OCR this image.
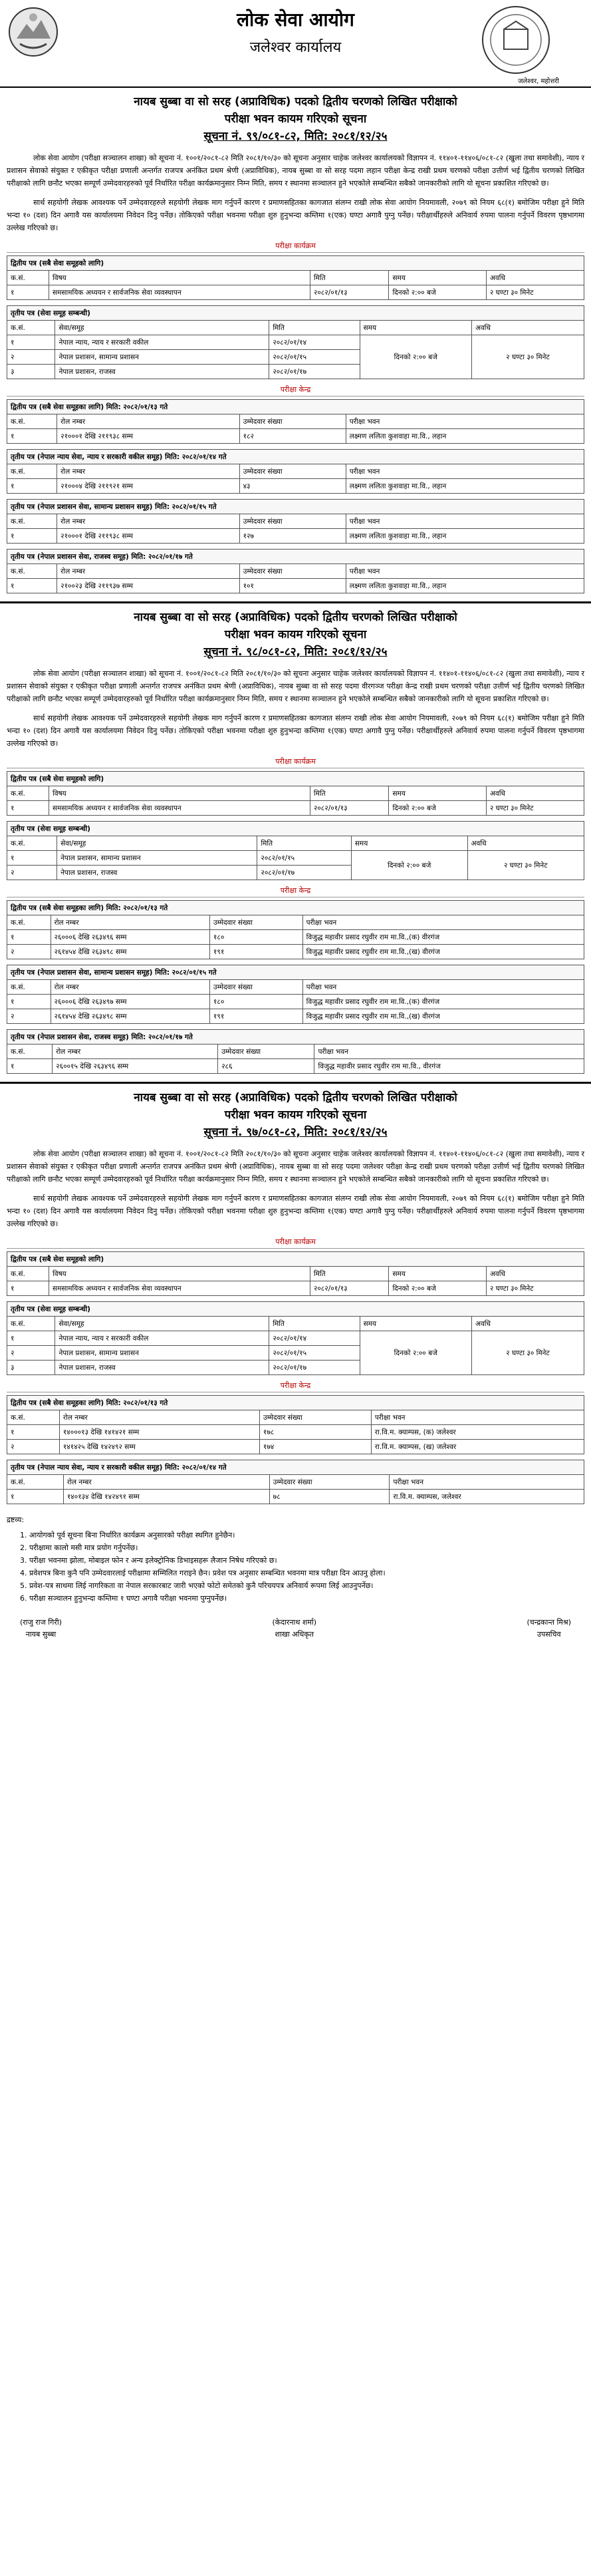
लोक सेवा आयोग
जलेश्वर कार्यालय
जलेश्वर, महोत्तरी
नायब सुब्बा वा सो सरह (अप्राविधिक) पदको द्वितीय चरणको लिखित परीक्षाको
परीक्षा भवन कायम गरिएको सूचना
सूचना नं. ९९/०८१-८२, मिति: २०८१/१२/२५

लोक सेवा आयोग (परीक्षा सञ्चालन शाखा) को सूचना नं. १००१/२०८१-८२ मिति २०८१/१०/३० को सूचना अनुसार चाहेक जलेश्वर कार्यालयको विज्ञापन नं. ११४०१-११४०६/०८१-८२ (खुला तथा समावेशी), न्याय र प्रशासन सेवाको संयुक्त र एकीकृत परीक्षा प्रणाली अन्तर्गत राजपत्र अनंकित प्रथम श्रेणी (अप्राविधिक), नायब सुब्बा वा सो सरह पदमा लहान परीक्षा केन्द्र राखी प्रथम चरणको परीक्षा उत्तीर्ण भई द्वितीय चरणको लिखित परीक्षाको लागि छनौट भएका सम्पूर्ण उम्मेदवारहरुको पूर्व निर्धारित परीक्षा कार्यक्रमानुसार निम्न मिति, समय र स्थानमा सञ्चालन हुने भएकोले सम्बन्धित सबैको जानकारीको लागि यो सूचना प्रकाशित गरिएको छ।

सार्थ सहयोगी लेखक आवश्यक पर्ने उम्मेदवारहरुले सहयोगी लेखक माग गर्नुपर्ने कारण र प्रमाणसहितका कागजात संलग्न राखी लोक सेवा आयोग नियमावली, २०७९ को नियम ६८(१) बमोजिम परीक्षा हुने मिति भन्दा १० (दश) दिन अगावै यस कार्यालयमा निवेदन दिनु पर्नेछ। तोकिएको परीक्षा भवनमा परीक्षा शुरु हुनुभन्दा कम्तिमा १(एक) घण्टा अगावै पुग्नु पर्नेछ। परीक्षार्थीहरुले अनिवार्य रुपमा पालना गर्नुपर्ने विवरण पृष्ठभागमा उल्लेख गरिएको छ।

परीक्षा कार्यक्रम
द्वितीय पत्र (सबै सेवा समूहको लागि)				
क.सं.	विषय	मिति	समय	अवधि
१	समसामयिक अध्ययन र सार्वजनिक सेवा व्यवस्थापन	२०८२/०१/१३	दिनको २:०० बजे	२ घण्टा ३० मिनेट
तृतीय पत्र (सेवा समूह सम्बन्धी)				
क.सं.	सेवा/समूह	मिति	समय	अवधि
१	नेपाल न्याय, न्याय र सरकारी वकील	२०८२/०१/१४	दिनको २:०० बजे	२ घण्टा ३० मिनेट
२	नेपाल प्रशासन, सामान्य प्रशासन	२०८२/०१/१५		
३	नेपाल प्रशासन, राजस्व	२०८२/०१/१७		
परीक्षा केन्द्र
द्वितीय पत्र (सबै सेवा समूहका लागि) मिति: २०८२/०१/१३ गते			
क.सं.	रोल नम्बर	उम्मेदवार संख्या	परीक्षा भवन
१	२१०००१ देखि २११९३८ सम्म	१८२	लक्ष्मण ललिता कुशवाहा मा.वि., लहान
तृतीय पत्र (नेपाल न्याय सेवा, न्याय र सरकारी वकील समूह) मिति: २०८२/०१/१४ गते			
क.सं.	रोल नम्बर	उम्मेदवार संख्या	परीक्षा भवन
१	२१०००४ देखि २११९२१ सम्म	४३	लक्ष्मण ललिता कुशवाहा मा.वि., लहान
तृतीय पत्र (नेपाल प्रशासन सेवा, सामान्य प्रशासन समूह) मिति: २०८२/०१/१५ गते			
क.सं.	रोल नम्बर	उम्मेदवार संख्या	परीक्षा भवन
१	२१०००१ देखि २११९३८ सम्म	१२७	लक्ष्मण ललिता कुशवाहा मा.वि., लहान
तृतीय पत्र (नेपाल प्रशासन सेवा, राजस्व समूह) मिति: २०८२/०१/१७ गते			
क.सं.	रोल नम्बर	उम्मेदवार संख्या	परीक्षा भवन
१	२१००२३ देखि २११९३७ सम्म	१०१	लक्ष्मण ललिता कुशवाहा मा.वि., लहान
नायब सुब्बा वा सो सरह (अप्राविधिक) पदको द्वितीय चरणको लिखित परीक्षाको
परीक्षा भवन कायम गरिएको सूचना
सूचना नं. ९८/०८१-८२, मिति: २०८१/१२/२५

लोक सेवा आयोग (परीक्षा सञ्चालन शाखा) को सूचना नं. १००१/२०८१-८२ मिति २०८१/१०/३० को सूचना अनुसार चाहेक जलेश्वर कार्यालयको विज्ञापन नं. ११४०१-११४०६/०८१-८२ (खुला तथा समावेशी), न्याय र प्रशासन सेवाको संयुक्त र एकीकृत परीक्षा प्रणाली अन्तर्गत राजपत्र अनंकित प्रथम श्रेणी (अप्राविधिक), नायब सुब्बा वा सो सरह पदमा वीरगञ्ज परीक्षा केन्द्र राखी प्रथम चरणको परीक्षा उत्तीर्ण भई द्वितीय चरणको लिखित परीक्षाको लागि छनौट भएका सम्पूर्ण उम्मेदवारहरुको पूर्व निर्धारित परीक्षा कार्यक्रमानुसार निम्न मिति, समय र स्थानमा सञ्चालन हुने भएकोले सम्बन्धित सबैको जानकारीको लागि यो सूचना प्रकाशित गरिएको छ।

सार्थ सहयोगी लेखक आवश्यक पर्ने उम्मेदवारहरुले सहयोगी लेखक माग गर्नुपर्ने कारण र प्रमाणसहितका कागजात संलग्न राखी लोक सेवा आयोग नियमावली, २०७९ को नियम ६८(१) बमोजिम परीक्षा हुने मिति भन्दा १० (दश) दिन अगावै यस कार्यालयमा निवेदन दिनु पर्नेछ। तोकिएको परीक्षा भवनमा परीक्षा शुरु हुनुभन्दा कम्तिमा १(एक) घण्टा अगावै पुग्नु पर्नेछ। परीक्षार्थीहरुले अनिवार्य रुपमा पालना गर्नुपर्ने विवरण पृष्ठभागमा उल्लेख गरिएको छ।

परीक्षा कार्यक्रम
द्वितीय पत्र (सबै सेवा समूहको लागि)				
क.सं.	विषय	मिति	समय	अवधि
१	समसामयिक अध्ययन र सार्वजनिक सेवा व्यवस्थापन	२०८२/०१/१३	दिनको २:०० बजे	२ घण्टा ३० मिनेट
तृतीय पत्र (सेवा समूह सम्बन्धी)				
क.सं.	सेवा/समूह	मिति	समय	अवधि
१	नेपाल प्रशासन, सामान्य प्रशासन	२०८२/०१/१५	दिनको २:०० बजे	२ घण्टा ३० मिनेट
२	नेपाल प्रशासन, राजस्व	२०८२/०१/१७		
परीक्षा केन्द्र
द्वितीय पत्र (सबै सेवा समूहका लागि) मिति: २०८२/०१/१३ गते			
क.सं.	रोल नम्बर	उम्मेदवार संख्या	परीक्षा भवन
१	२६०००६ देखि २६३४९६ सम्म	१८०	विजुद्ध महावीर प्रसाद रघुवीर राम मा.वि.,(क) वीरगंज
२	२६१४५४ देखि २६३४९८ सम्म	१९१	विजुद्ध महावीर प्रसाद रघुवीर राम मा.वि.,(ख) वीरगंज
तृतीय पत्र (नेपाल प्रशासन सेवा, सामान्य प्रशासन समूह) मिति: २०८२/०१/१५ गते			
क.सं.	रोल नम्बर	उम्मेदवार संख्या	परीक्षा भवन
१	२६०००६ देखि २६३४९७ सम्म	१८०	विजुद्ध महावीर प्रसाद रघुवीर राम मा.वि.,(क) वीरगंज
२	२६१४५४ देखि २६३४९८ सम्म	१९१	विजुद्ध महावीर प्रसाद रघुवीर राम मा.वि.,(ख) वीरगंज
तृतीय पत्र (नेपाल प्रशासन सेवा, राजस्व समूह) मिति: २०८२/०१/१७ गते			
क.सं.	रोल नम्बर	उम्मेदवार संख्या	परीक्षा भवन
१	२६००१५ देखि २६३४९६ सम्म	२८६	विजुद्ध महावीर प्रसाद रघुवीर राम मा.वि., वीरगंज
नायब सुब्बा वा सो सरह (अप्राविधिक) पदको द्वितीय चरणको लिखित परीक्षाको
परीक्षा भवन कायम गरिएको सूचना
सूचना नं. ९७/०८१-८२, मिति: २०८१/१२/२५

लोक सेवा आयोग (परीक्षा सञ्चालन शाखा) को सूचना नं. १००१/२०८१-८२ मिति २०८१/१०/३० को सूचना अनुसार चाहेक जलेश्वर कार्यालयको विज्ञापन नं. ११४०१-११४०६/०८१-८२ (खुला तथा समावेशी), न्याय र प्रशासन सेवाको संयुक्त र एकीकृत परीक्षा प्रणाली अन्तर्गत राजपत्र अनंकित प्रथम श्रेणी (अप्राविधिक), नायब सुब्बा वा सो सरह पदमा जलेश्वर परीक्षा केन्द्र राखी प्रथम चरणको परीक्षा उत्तीर्ण भई द्वितीय चरणको लिखित परीक्षाको लागि छनौट भएका सम्पूर्ण उम्मेदवारहरुको पूर्व निर्धारित परीक्षा कार्यक्रमानुसार निम्न मिति, समय र स्थानमा सञ्चालन हुने भएकोले सम्बन्धित सबैको जानकारीको लागि यो सूचना प्रकाशित गरिएको छ।

सार्थ सहयोगी लेखक आवश्यक पर्ने उम्मेदवारहरुले सहयोगी लेखक माग गर्नुपर्ने कारण र प्रमाणसहितका कागजात संलग्न राखी लोक सेवा आयोग नियमावली, २०७९ को नियम ६८(१) बमोजिम परीक्षा हुने मिति भन्दा १० (दश) दिन अगावै यस कार्यालयमा निवेदन दिनु पर्नेछ। तोकिएको परीक्षा भवनमा परीक्षा शुरु हुनुभन्दा कम्तिमा १(एक) घण्टा अगावै पुग्नु पर्नेछ। परीक्षार्थीहरुले अनिवार्य रुपमा पालना गर्नुपर्ने विवरण पृष्ठभागमा उल्लेख गरिएको छ।

परीक्षा कार्यक्रम
द्वितीय पत्र (सबै सेवा समूहको लागि)				
क.सं.	विषय	मिति	समय	अवधि
१	समसामयिक अध्ययन र सार्वजनिक सेवा व्यवस्थापन	२०८२/०१/१३	दिनको २:०० बजे	२ घण्टा ३० मिनेट
तृतीय पत्र (सेवा समूह सम्बन्धी)				
क.सं.	सेवा/समूह	मिति	समय	अवधि
१	नेपाल न्याय, न्याय र सरकारी वकील	२०८२/०१/१४	दिनको २:०० बजे	२ घण्टा ३० मिनेट
२	नेपाल प्रशासन, सामान्य प्रशासन	२०८२/०१/१५		
३	नेपाल प्रशासन, राजस्व	२०८२/०१/१७		
परीक्षा केन्द्र
द्वितीय पत्र (सबै सेवा समूहका लागि) मिति: २०८२/०१/१३ गते			
क.सं.	रोल नम्बर	उम्मेदवार संख्या	परीक्षा भवन
१	१४०००१३ देखि १४१४२१ सम्म	१७८	रा.वि.म. क्याम्पस, (क) जलेश्वर
२	१४१४२५ देखि १४२४९२ सम्म	१७४	रा.वि.म. क्याम्पस, (ख) जलेश्वर
तृतीय पत्र (नेपाल न्याय सेवा, न्याय र सरकारी वकील समूह) मिति: २०८२/०१/१४ गते			
क.सं.	रोल नम्बर	उम्मेदवार संख्या	परीक्षा भवन
१	१४०१३४ देखि १४२४९१ सम्म	७८	रा.वि.म. क्याम्पस, जलेश्वर
द्रष्टव्य:
1. आयोगको पूर्व सूचना बिना निर्धारित कार्यक्रम अनुसारको परीक्षा स्थगित हुनेछैन।
2. परीक्षामा कालो मसी मात्र प्रयोग गर्नुपर्नेछ।
3. परीक्षा भवनमा झोला, मोबाइल फोन र अन्य इलेक्ट्रोनिक डिभाइसहरू लैजान निषेध गरिएको छ।
4. प्रवेशपत्र बिना कुनै पनि उम्मेदवारलाई परीक्षामा सम्मिलित गराइने छैन। प्रवेश पत्र अनुसार सम्बन्धित भवनमा मात्र परीक्षा दिन आउनु होला।
5. प्रवेश-पत्र साथमा लिई नागरिकता वा नेपाल सरकारबाट जारी भएको फोटो समेतको कुनै परिचयपत्र अनिवार्य रूपमा लिई आउनुपर्नेछ।
6. परीक्षा सञ्चालन हुनुभन्दा कम्तिमा १ घण्टा अगावै परीक्षा भवनमा पुग्नुपर्नेछ।
(राजु राज गिरी)
नायब सुब्बा
(केदारनाथ शर्मा)
शाखा अधिकृत
(चन्द्रकान्त मिश्र)
उपसचिव
